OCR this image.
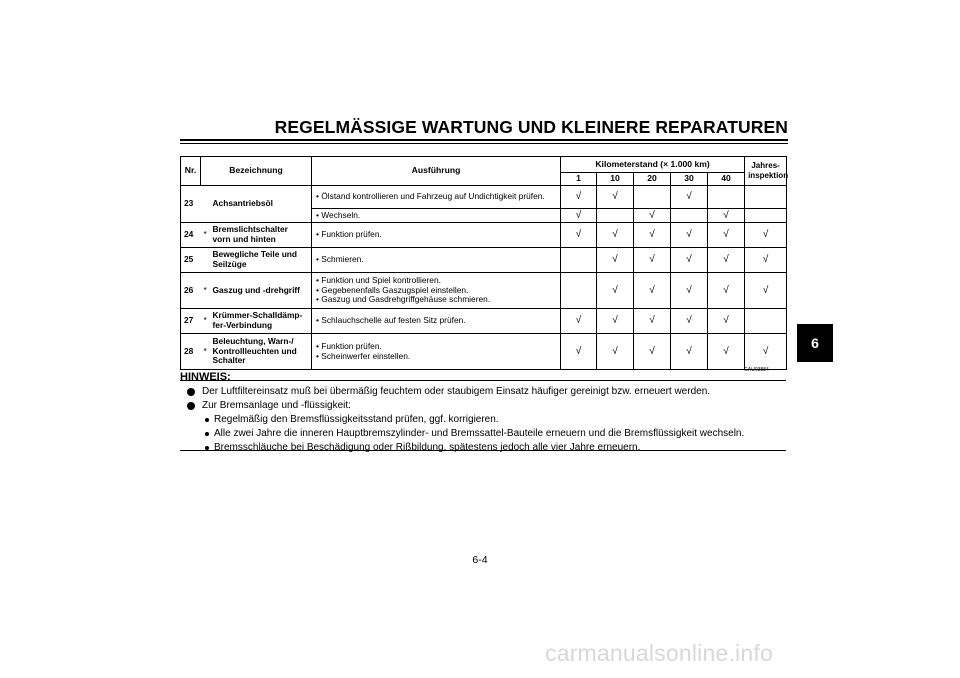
REGELMÄSSIGE WARTUNG UND KLEINERE REPARATUREN
6
Nr.	Bezeichnung		Ausführung	Kilometerstand (× 1.000 km)					Jahres-
inspektion
				1	10	20	30	40	
23		Achsantriebsöl	• Ölstand kontrollieren und Fahrzeug auf Undichtigkeit prüfen.	√	√		√		

			• Wechseln.	√		√		√	
24	*	Bremslichtschalter vorn und hinten	• Funktion prüfen.	√	√	√	√	√	√
25		Bewegliche Teile und Seilzüge	• Schmieren.		√	√	√	√	√
26	*	Gaszug und -drehgriff	• Funktion und Spiel kontrollieren.
• Gegebenenfalls Gaszugspiel einstellen.
• Gaszug und Gasdrehgriffgehäuse schmieren.		√	√	√	√	√
27	*	Krümmer-Schalldämp-
fer-Verbindung	• Schlauchschelle auf festen Sitz prüfen.	√	√	√	√	√	
28	*	Beleuchtung, Warn-/
Kontrollleuchten und
Schalter	• Funktion prüfen.
• Scheinwerfer einstellen.	√	√	√	√	√	√
GAU03884
HINWEIS:
Der Luftfiltereinsatz muß bei übermäßig feuchtem oder staubigem Einsatz häufiger gereinigt bzw. erneuert werden.
Zur Bremsanlage und -flüssigkeit:
Regelmäßig den Bremsflüssigkeitsstand prüfen, ggf. korrigieren.
Alle zwei Jahre die inneren Hauptbremszylinder- und Bremssattel-Bauteile erneuern und die Bremsflüssigkeit wechseln.
Bremsschläuche bei Beschädigung oder Rißbildung, spätestens jedoch alle vier Jahre erneuern.
6-4
carmanualsonline.info
